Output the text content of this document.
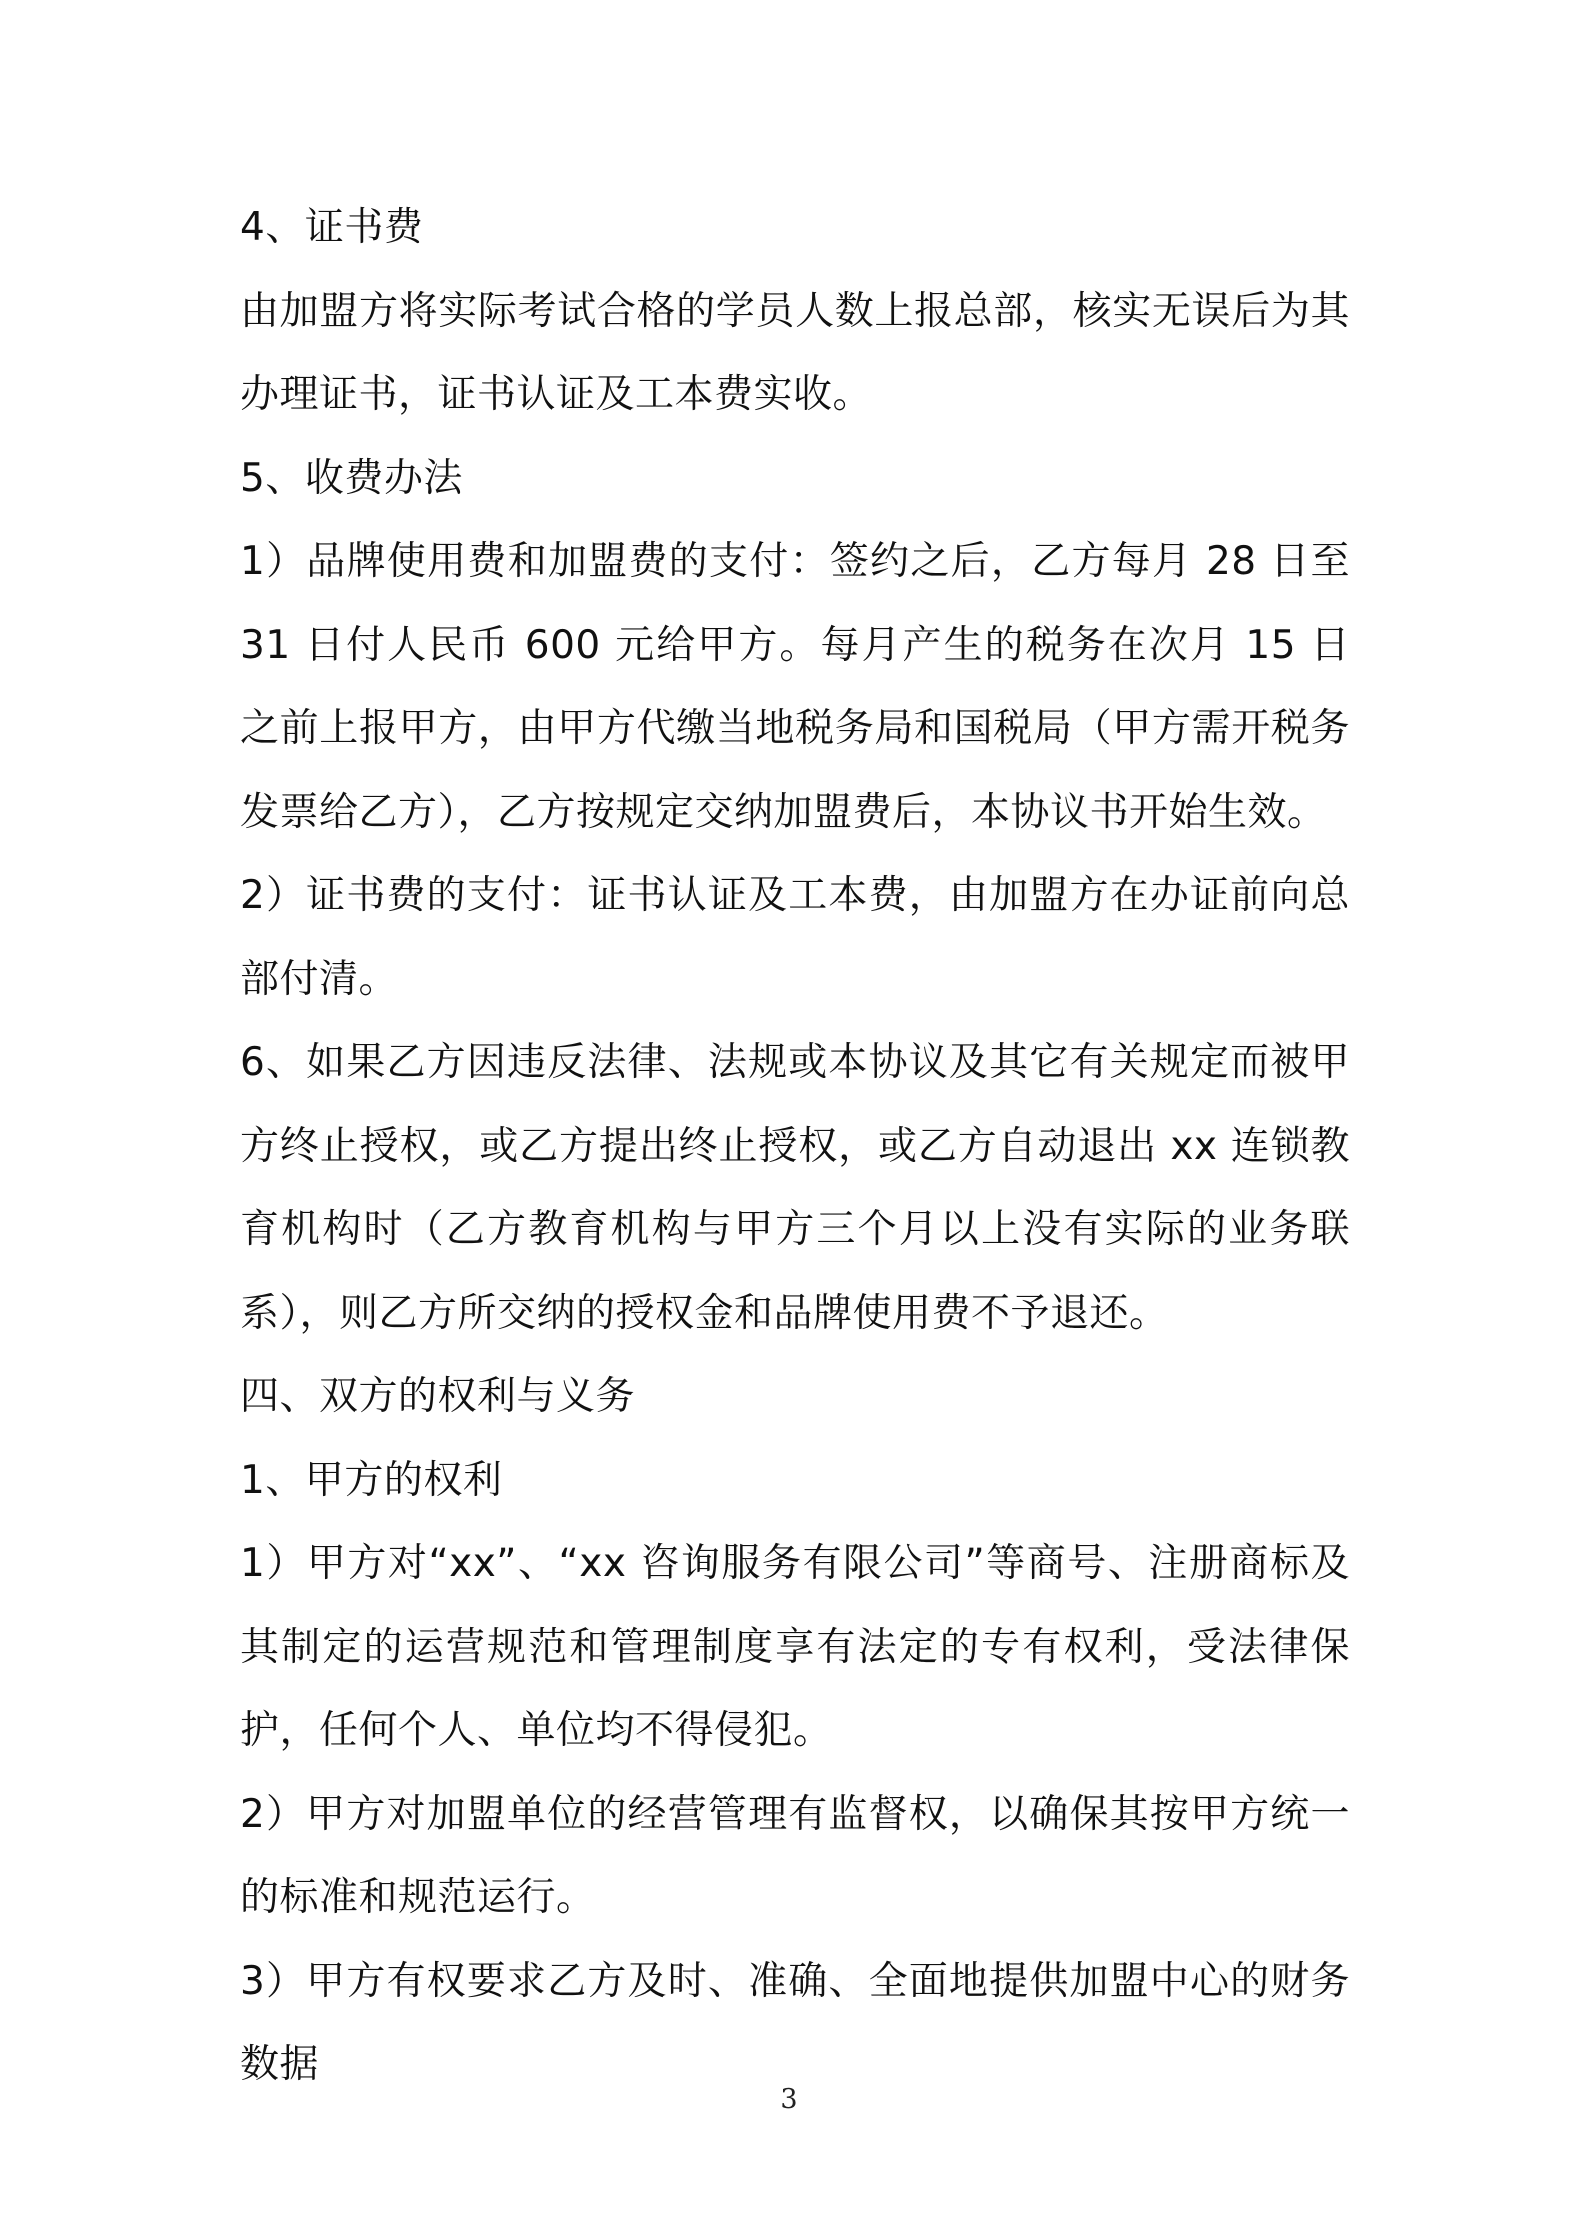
4、证书费

由加盟方将实际考试合格的学员人数上报总部，核实无误后为其办理证书，证书认证及工本费实收。

5、收费办法

1）品牌使用费和加盟费的支付：签约之后，乙方每月 28 日至 31 日付人民币 600 元给甲方。每月产生的税务在次月 15 日之前上报甲方，由甲方代缴当地税务局和国税局（甲方需开税务发票给乙方），乙方按规定交纳加盟费后，本协议书开始生效。

2）证书费的支付：证书认证及工本费，由加盟方在办证前向总部付清。

6、如果乙方因违反法律、法规或本协议及其它有关规定而被甲方终止授权，或乙方提出终止授权，或乙方自动退出 xx 连锁教育机构时（乙方教育机构与甲方三个月以上没有实际的业务联系），则乙方所交纳的授权金和品牌使用费不予退还。

四、双方的权利与义务

1、甲方的权利

1）甲方对“xx”、“xx 咨询服务有限公司”等商号、注册商标及其制定的运营规范和管理制度享有法定的专有权利，受法律保护，任何个人、单位均不得侵犯。

2）甲方对加盟单位的经营管理有监督权，以确保其按甲方统一的标准和规范运行。

3）甲方有权要求乙方及时、准确、全面地提供加盟中心的财务数据

3
